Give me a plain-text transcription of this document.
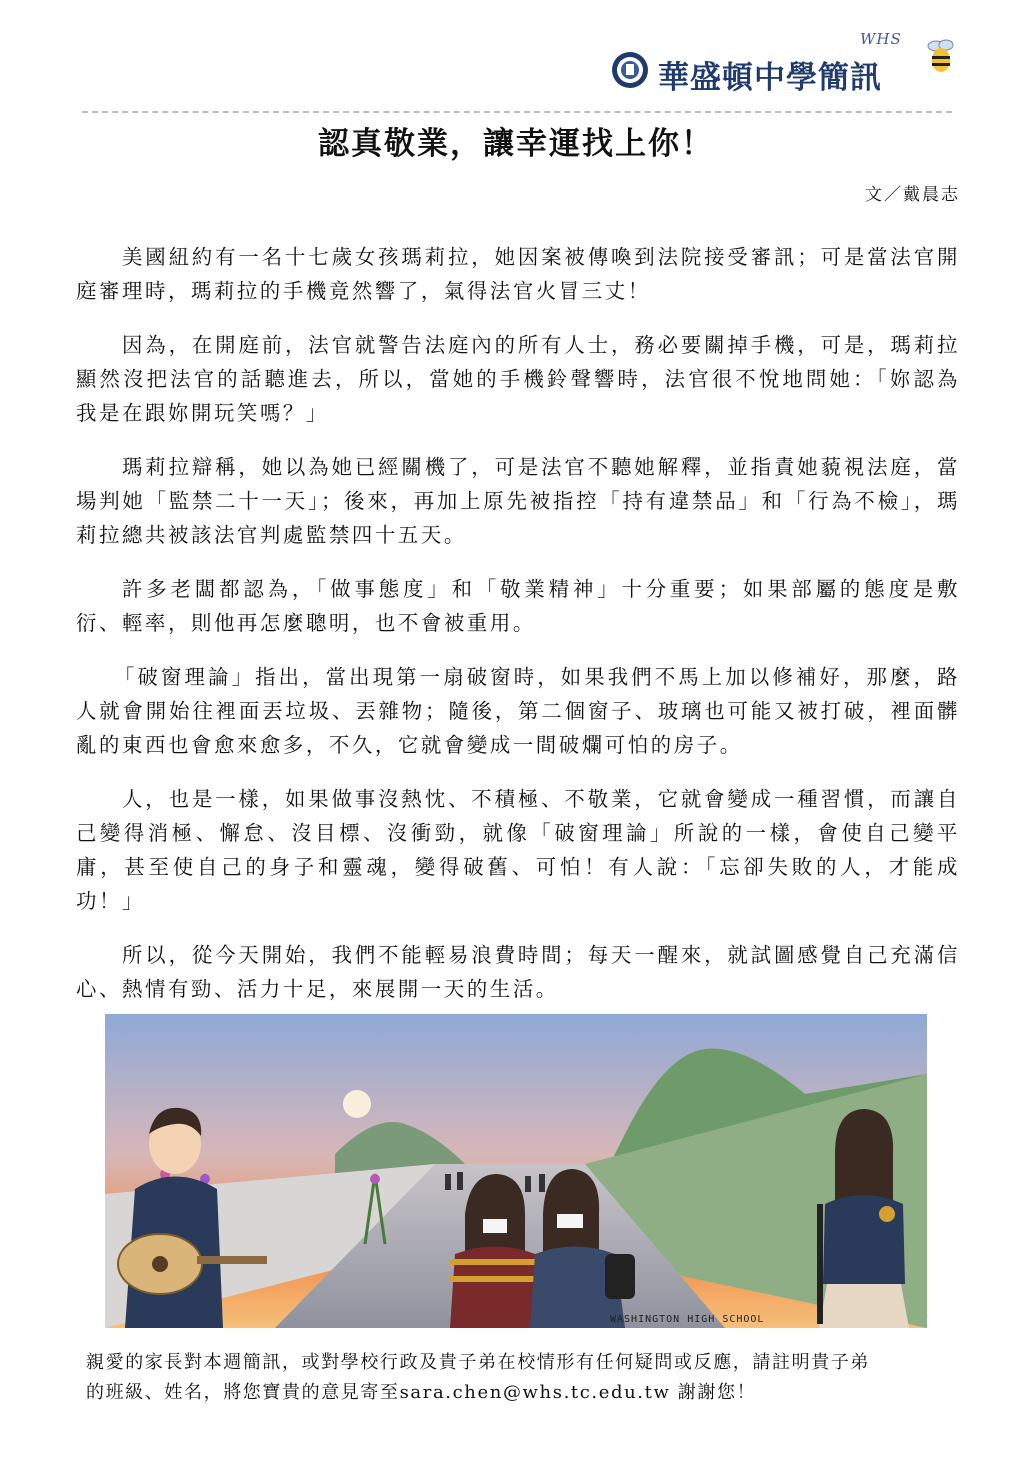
華盛頓中學簡訊
WHS
認真敬業，讓幸運找上你！
文／戴晨志

美國紐約有一名十七歲女孩瑪莉拉，她因案被傳喚到法院接受審訊；可是當法官開庭審理時，瑪莉拉的手機竟然響了，氣得法官火冒三丈！

因為，在開庭前，法官就警告法庭內的所有人士，務必要關掉手機，可是，瑪莉拉顯然沒把法官的話聽進去，所以，當她的手機鈴聲響時，法官很不悅地問她：「妳認為我是在跟妳開玩笑嗎？」

瑪莉拉辯稱，她以為她已經關機了，可是法官不聽她解釋，並指責她藐視法庭，當場判她「監禁二十一天」；後來，再加上原先被指控「持有違禁品」和「行為不檢」，瑪莉拉總共被該法官判處監禁四十五天。

許多老闆都認為，「做事態度」和「敬業精神」十分重要；如果部屬的態度是敷衍、輕率，則他再怎麼聰明，也不會被重用。

「破窗理論」指出，當出現第一扇破窗時，如果我們不馬上加以修補好，那麼，路人就會開始往裡面丟垃圾、丟雜物；隨後，第二個窗子、玻璃也可能又被打破，裡面髒亂的東西也會愈來愈多，不久，它就會變成一間破爛可怕的房子。

人，也是一樣，如果做事沒熱忱、不積極、不敬業，它就會變成一種習慣，而讓自己變得消極、懈怠、沒目標、沒衝勁，就像「破窗理論」所說的一樣，會使自己變平庸，甚至使自己的身子和靈魂，變得破舊、可怕！有人說：「忘卻失敗的人，才能成功！」

所以，從今天開始，我們不能輕易浪費時間；每天一醒來，就試圖感覺自己充滿信心、熱情有勁、活力十足，來展開一天的生活。

WASHINGTON HIGH SCHOOL
親愛的家長對本週簡訊，或對學校行政及貴子弟在校情形有任何疑問或反應，請註明貴子弟
的班級、姓名，將您寶貴的意見寄至sara.chen@whs.tc.edu.tw 謝謝您！
